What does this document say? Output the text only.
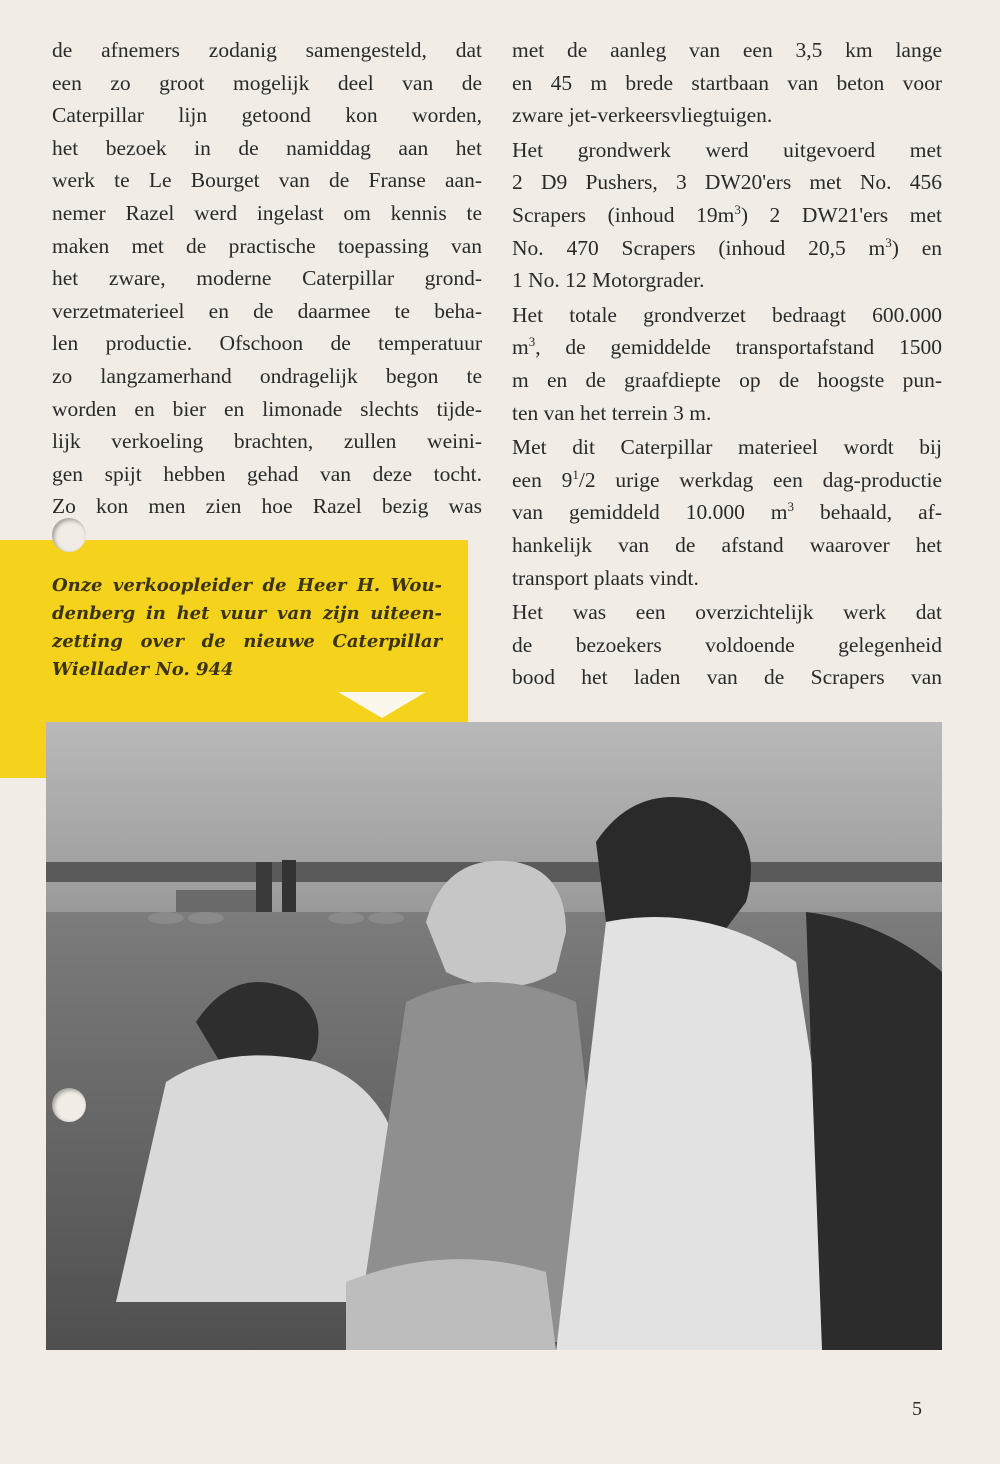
de afnemers zodanig samengesteld, dat
een zo groot mogelijk deel van de
Caterpillar lijn getoond kon worden,
het bezoek in de namiddag aan het
werk te Le Bourget van de Franse aan-
nemer Razel werd ingelast om kennis te
maken met de practische toepassing van
het zware, moderne Caterpillar grond-
verzetmaterieel en de daarmee te beha-
len productie. Ofschoon de temperatuur
zo langzamerhand ondragelijk begon te
worden en bier en limonade slechts tijde-
lijk verkoeling brachten, zullen weini-
gen spijt hebben gehad van deze tocht.
Zo kon men zien hoe Razel bezig was

met de aanleg van een 3,5 km lange
en 45 m brede startbaan van beton voor
zware jet-verkeersvliegtuigen.

Het grondwerk werd uitgevoerd met
2 D9 Pushers, 3 DW20'ers met No. 456
Scrapers (inhoud $19m^3$) 2 DW21'ers met
No. 470 Scrapers (inhoud 20,5 $m^3$) en
1 No. 12 Motorgrader.

Het totale grondverzet bedraagt 600.000
$m^3$, de gemiddelde transportafstand 1500
m en de graafdiepte op de hoogste pun-
ten van het terrein 3 m.

Met dit Caterpillar materieel wordt bij
een $9^1/2$ urige werkdag een dag-productie
van gemiddeld 10.000 $m^3$ behaald, af-
hankelijk van de afstand waarover het
transport plaats vindt.

Het was een overzichtelijk werk dat
de bezoekers voldoende gelegenheid
bood het laden van de Scrapers van

Onze verkoopleider de Heer H. Wou-
denberg in het vuur van zijn uiteen-
zetting over de nieuwe Caterpillar
Wiellader No. 944
5
